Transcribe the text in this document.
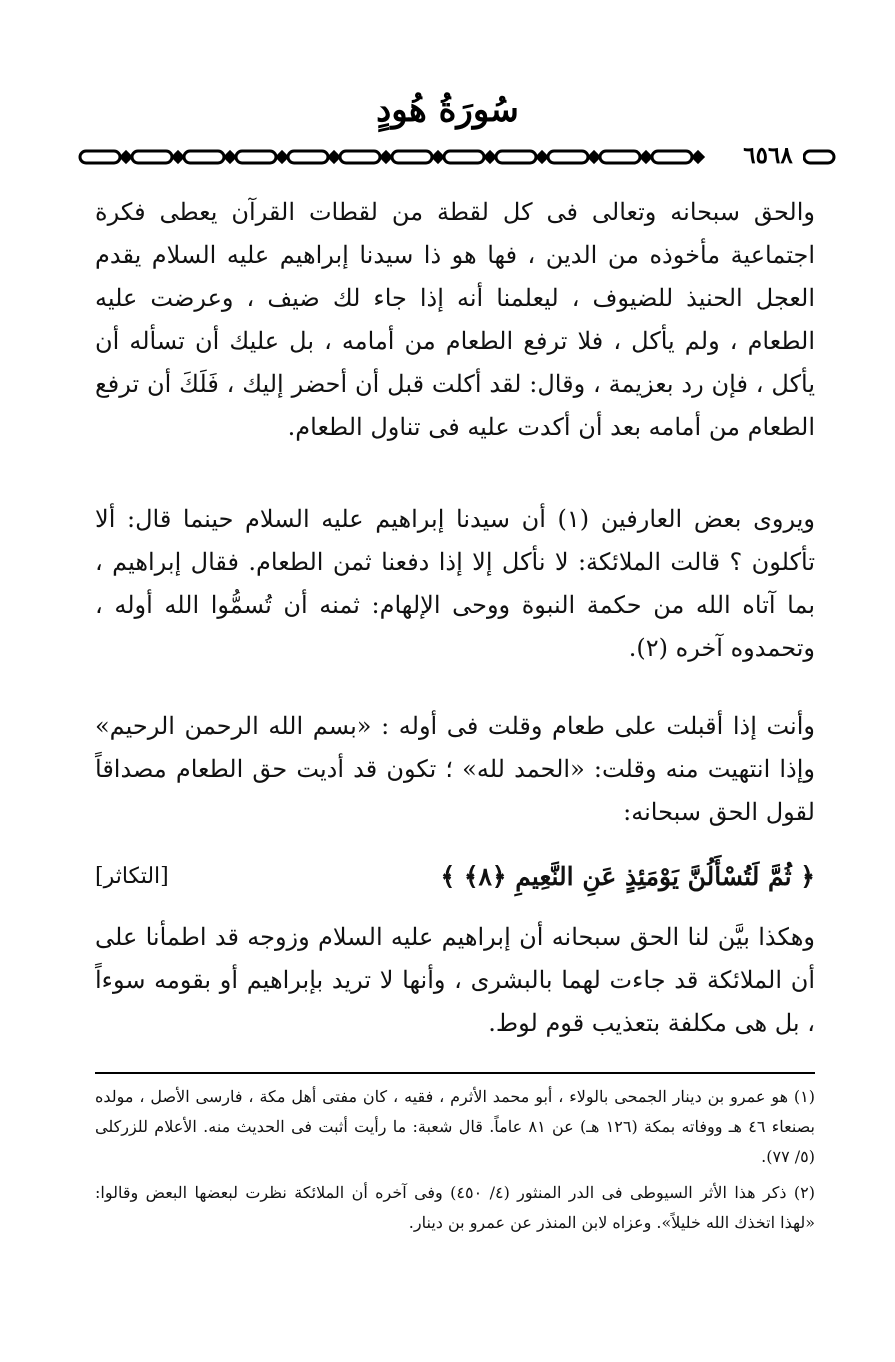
سُورَةُ هُودٍ
٦٥٦٨

والحق سبحانه وتعالى فى كل لقطة من لقطات القرآن يعطى فكرة اجتماعية مأخوذه من الدين ، فها هو ذا سيدنا إبراهيم عليه السلام يقدم العجل الحنيذ للضيوف ، ليعلمنا أنه إذا جاء لك ضيف ، وعرضت عليه الطعام ، ولم يأكل ، فلا ترفع الطعام من أمامه ، بل عليك أن تسأله أن يأكل ، فإن رد بعزيمة ، وقال: لقد أكلت قبل أن أحضر إليك ، فَلَكَ أن ترفع الطعام من أمامه بعد أن أكدت عليه فى تناول الطعام.

ويروى بعض العارفين (١) أن سيدنا إبراهيم عليه السلام حينما قال: ألا تأكلون ؟ قالت الملائكة: لا نأكل إلا إذا دفعنا ثمن الطعام. فقال إبراهيم ، بما آتاه الله من حكمة النبوة ووحى الإلهام: ثمنه أن تُسمُّوا الله أوله ، وتحمدوه آخره (٢).

وأنت إذا أقبلت على طعام وقلت فى أوله : «بسم الله الرحمن الرحيم» وإذا انتهيت منه وقلت: «الحمد لله» ؛ تكون قد أديت حق الطعام مصداقاً لقول الحق سبحانه:

﴿ ثُمَّ لَتُسْأَلُنَّ يَوْمَئِذٍ عَنِ النَّعِيمِ ﴿٨﴾ ﴾
[التكاثر]

وهكذا بيَّن لنا الحق سبحانه أن إبراهيم عليه السلام وزوجه قد اطمأنا على أن الملائكة قد جاءت لهما بالبشرى ، وأنها لا تريد بإبراهيم أو بقومه سوءاً ، بل هى مكلفة بتعذيب قوم لوط.

(١) هو عمرو بن دينار الجمحى بالولاء ، أبو محمد الأثرم ، فقيه ، كان مفتى أهل مكة ، فارسى الأصل ، مولده بصنعاء ٤٦ هـ ووفاته بمكة (١٢٦ هـ) عن ٨١ عاماً. قال شعبة: ما رأيت أثبت فى الحديث منه. الأعلام للزركلى (٥/ ٧٧).

(٢) ذكر هذا الأثر السيوطى فى الدر المنثور (٤/ ٤٥٠) وفى آخره أن الملائكة نظرت لبعضها البعض وقالوا: «لهذا اتخذك الله خليلاً». وعزاه لابن المنذر عن عمرو بن دينار.
